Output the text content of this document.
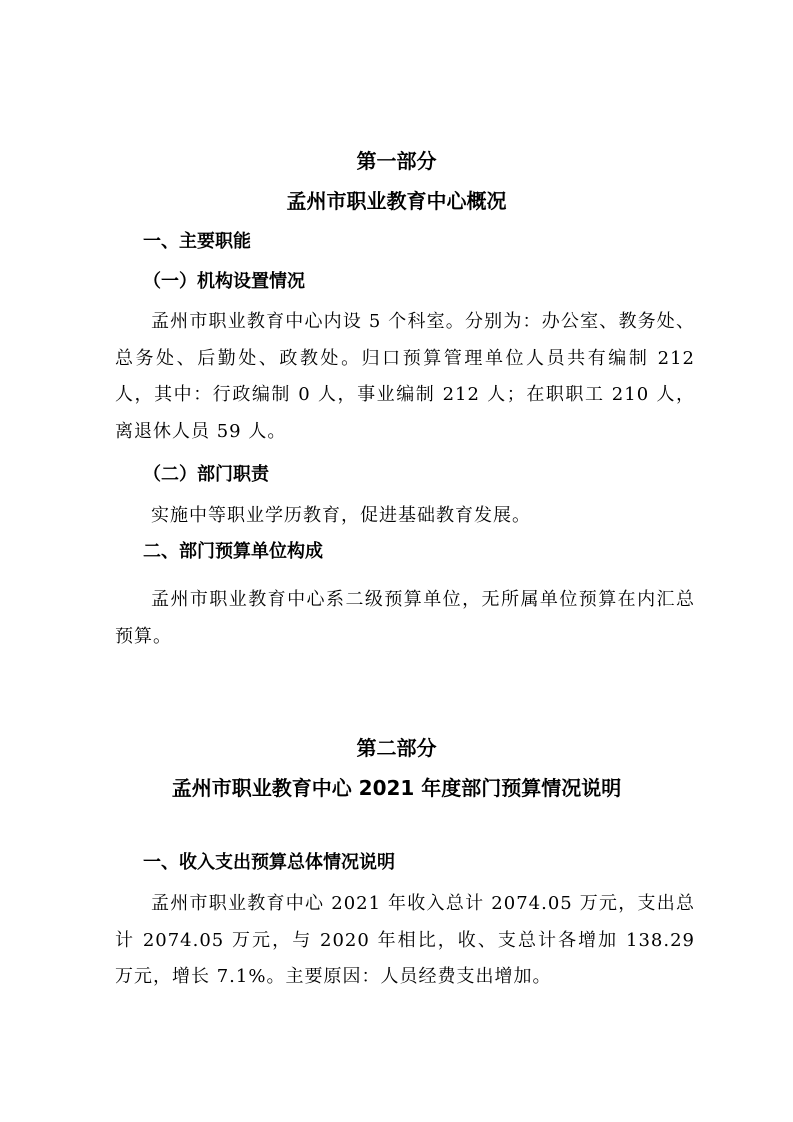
第一部分
孟州市职业教育中心概况
一、主要职能
（一）机构设置情况
孟州市职业教育中心内设 5 个科室。分别为：办公室、教务处、总务处、后勤处、政教处。归口预算管理单位人员共有编制 212 人，其中：行政编制 0 人，事业编制 212 人；在职职工 210 人，离退休人员 59 人。
（二）部门职责
实施中等职业学历教育，促进基础教育发展。
二、部门预算单位构成
孟州市职业教育中心系二级预算单位，无所属单位预算在内汇总预算。
第二部分
孟州市职业教育中心 2021 年度部门预算情况说明
一、收入支出预算总体情况说明
孟州市职业教育中心 2021 年收入总计 2074.05 万元，支出总计 2074.05 万元，与 2020 年相比，收、支总计各增加 138.29 万元，增长 7.1%。主要原因：人员经费支出增加。
